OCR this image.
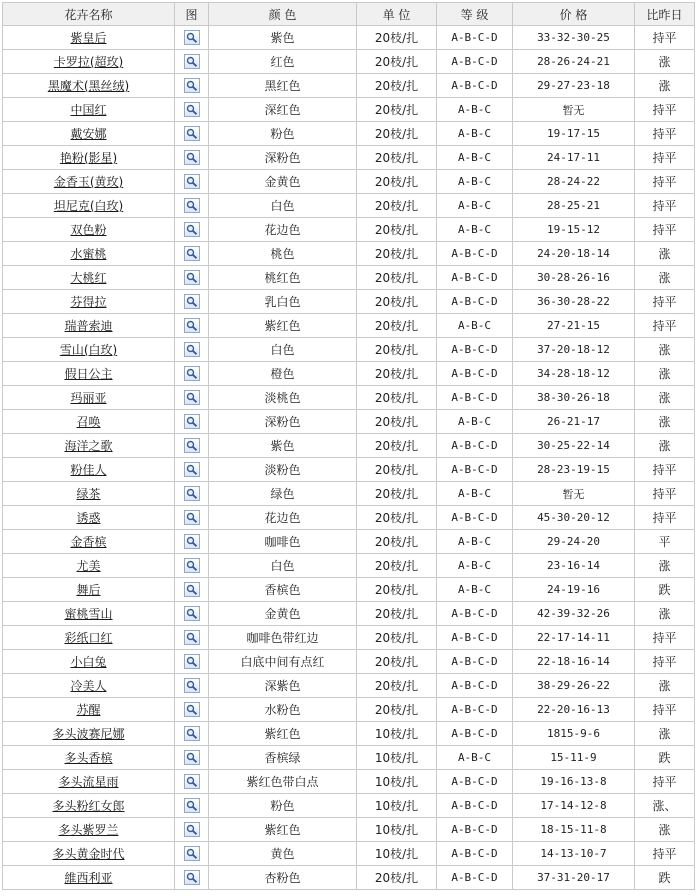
花卉名称	图	颜 色	单 位	等 级	价 格	比昨日
紫皇后		紫色	20枝/扎	A-B-C-D	33-32-30-25	持平
卡罗拉(超玫)		红色	20枝/扎	A-B-C-D	28-26-24-21	涨
黑魔术(黑丝绒)		黑红色	20枝/扎	A-B-C-D	29-27-23-18	涨
中国红		深红色	20枝/扎	A-B-C	暂无	持平
戴安娜		粉色	20枝/扎	A-B-C	19-17-15	持平
艳粉(影星)		深粉色	20枝/扎	A-B-C	24-17-11	持平
金香玉(黄玫)		金黄色	20枝/扎	A-B-C	28-24-22	持平
坦尼克(白玫)		白色	20枝/扎	A-B-C	28-25-21	持平
双色粉		花边色	20枝/扎	A-B-C	19-15-12	持平
水蜜桃		桃色	20枝/扎	A-B-C-D	24-20-18-14	涨
大桃红		桃红色	20枝/扎	A-B-C-D	30-28-26-16	涨
芬得拉		乳白色	20枝/扎	A-B-C-D	36-30-28-22	持平
瑞普索迪		紫红色	20枝/扎	A-B-C	27-21-15	持平
雪山(白玫)		白色	20枝/扎	A-B-C-D	37-20-18-12	涨
假日公主		橙色	20枝/扎	A-B-C-D	34-28-18-12	涨
玛丽亚		淡桃色	20枝/扎	A-B-C-D	38-30-26-18	涨
召唤		深粉色	20枝/扎	A-B-C	26-21-17	涨
海洋之歌		紫色	20枝/扎	A-B-C-D	30-25-22-14	涨
粉佳人		淡粉色	20枝/扎	A-B-C-D	28-23-19-15	持平
绿茶		绿色	20枝/扎	A-B-C	暂无	持平
诱惑		花边色	20枝/扎	A-B-C-D	45-30-20-12	持平
金香槟		咖啡色	20枝/扎	A-B-C	29-24-20	平
尤美		白色	20枝/扎	A-B-C	23-16-14	涨
舞后		香槟色	20枝/扎	A-B-C	24-19-16	跌
蜜桃雪山		金黄色	20枝/扎	A-B-C-D	42-39-32-26	涨
彩纸口红		咖啡色带红边	20枝/扎	A-B-C-D	22-17-14-11	持平
小白兔		白底中间有点红	20枝/扎	A-B-C-D	22-18-16-14	持平
冷美人		深紫色	20枝/扎	A-B-C-D	38-29-26-22	涨
苏醒		水粉色	20枝/扎	A-B-C-D	22-20-16-13	持平
多头波赛尼娜		紫红色	10枝/扎	A-B-C-D	1815-9-6	涨
多头香槟		香槟绿	10枝/扎	A-B-C	15-11-9	跌
多头流星雨		紫红色带白点	10枝/扎	A-B-C-D	19-16-13-8	持平
多头粉红女郎		粉色	10枝/扎	A-B-C-D	17-14-12-8	涨、
多头紫罗兰		紫红色	10枝/扎	A-B-C-D	18-15-11-8	涨
多头黄金时代		黄色	10枝/扎	A-B-C-D	14-13-10-7	持平
維西利亚		杏粉色	20枝/扎	A-B-C-D	37-31-20-17	跌
